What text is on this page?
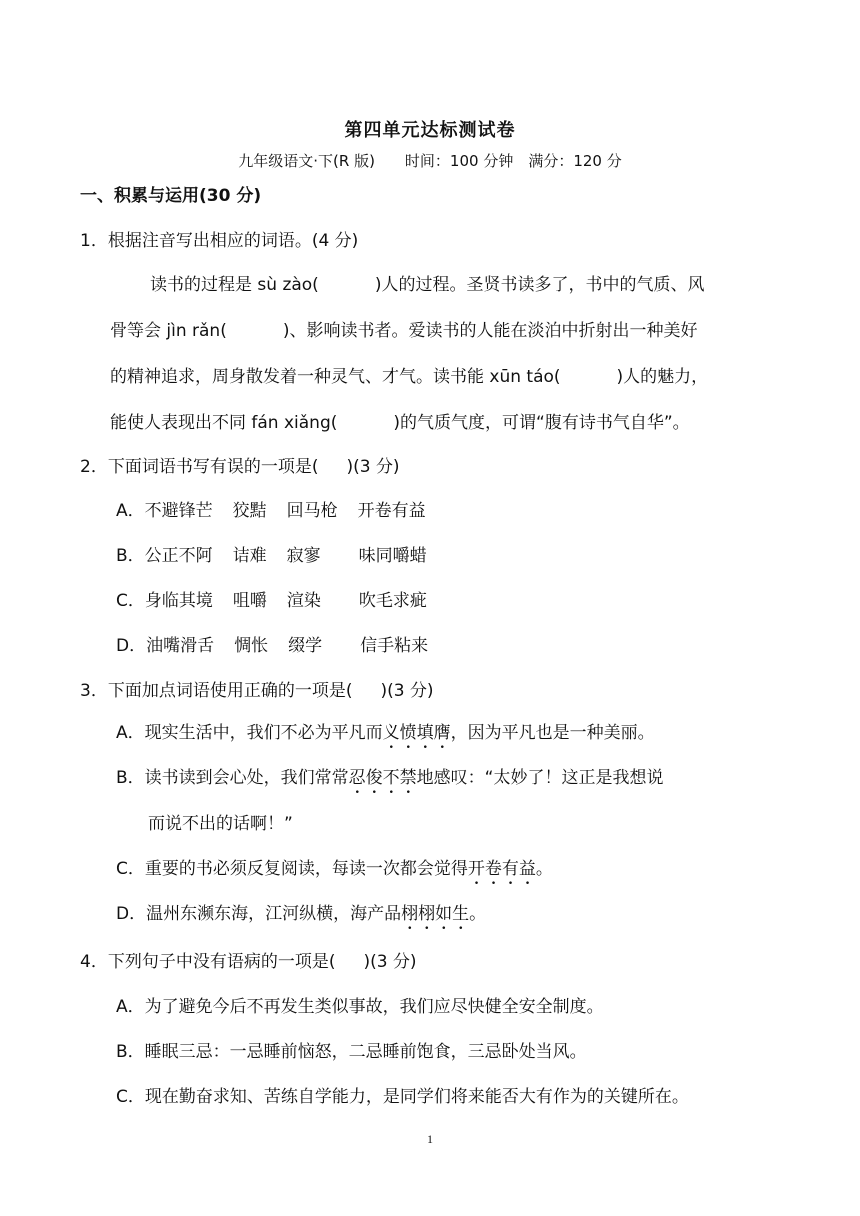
第四单元达标测试卷
九年级语文·下(R 版)　　时间：100 分钟　满分：120 分
一、积累与运用(30 分)
1．根据注音写出相应的词语。(4 分)
读书的过程是 sù zào(	)人的过程。圣贤书读多了，书中的气质、风
骨等会 jìn rǎn(	)、影响读书者。爱读书的人能在淡泊中折射出一种美好
的精神追求，周身散发着一种灵气、才气。读书能 xūn táo(	)人的魅力，
能使人表现出不同 fán xiǎng(	)的气质气度，可谓“腹有诗书气自华”。
2．下面词语书写有误的一项是( )(3 分)
A．不避锋芒 狡黠 回马枪 开卷有益
B．公正不阿 诘难 寂寥 味同嚼蜡
C．身临其境 咀嚼 渲染 吹毛求疵
D．油嘴滑舌 惆怅 缀学 信手粘来
3．下面加点词语使用正确的一项是( )(3 分)
A．现实生活中，我们不必为平凡而义愤填膺，因为平凡也是一种美丽。
B．读书读到会心处，我们常常忍俊不禁地感叹：“太妙了！这正是我想说
而说不出的话啊！”
C．重要的书必须反复阅读，每读一次都会觉得开卷有益。
D．温州东濒东海，江河纵横，海产品栩栩如生。
4．下列句子中没有语病的一项是( )(3 分)
A．为了避免今后不再发生类似事故，我们应尽快健全安全制度。
B．睡眠三忌：一忌睡前恼怒，二忌睡前饱食，三忌卧处当风。
C．现在勤奋求知、苦练自学能力，是同学们将来能否大有作为的关键所在。
1
